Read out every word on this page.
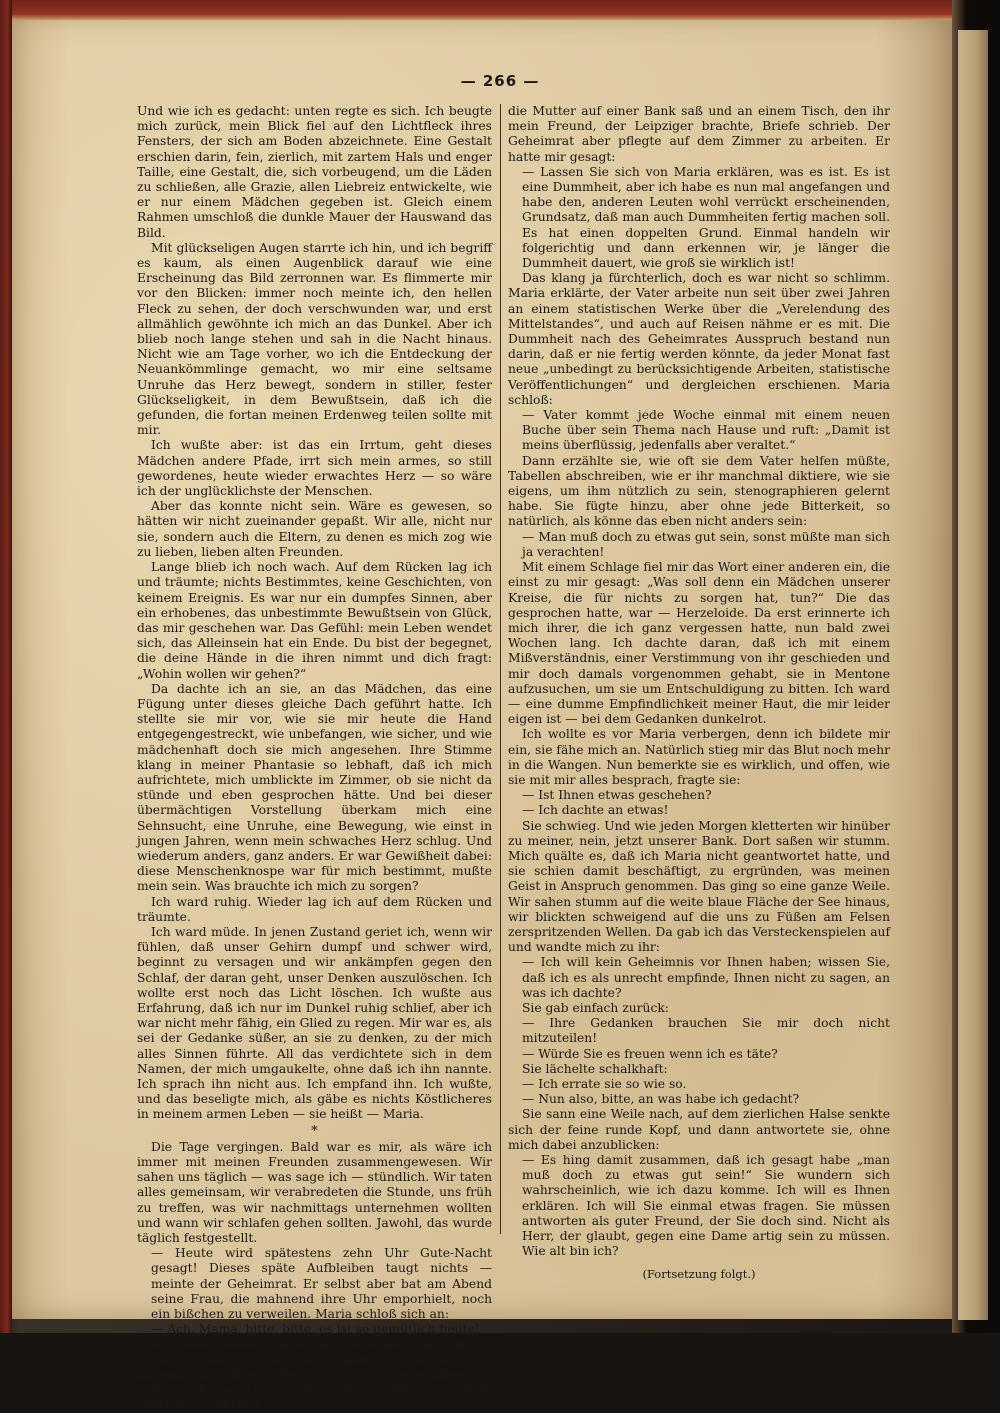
— 266 —

Und wie ich es gedacht: unten regte es sich. Ich beugte mich zurück, mein Blick fiel auf den Lichtfleck ihres Fensters, der sich am Boden abzeichnete. Eine Gestalt erschien darin, fein, zierlich, mit zartem Hals und enger Taille, eine Gestalt, die, sich vorbeugend, um die Läden zu schließen, alle Grazie, allen Liebreiz entwickelte, wie er nur einem Mädchen gegeben ist. Gleich einem Rahmen umschloß die dunkle Mauer der Hauswand das Bild.

Mit glückseligen Augen starrte ich hin, und ich begriff es kaum, als einen Augenblick darauf wie eine Erscheinung das Bild zerronnen war. Es flimmerte mir vor den Blicken: immer noch meinte ich, den hellen Fleck zu sehen, der doch verschwunden war, und erst allmählich gewöhnte ich mich an das Dunkel. Aber ich blieb noch lange stehen und sah in die Nacht hinaus. Nicht wie am Tage vorher, wo ich die Entdeckung der Neuankömmlinge gemacht, wo mir eine seltsame Unruhe das Herz bewegt, sondern in stiller, fester Glückseligkeit, in dem Bewußtsein, daß ich die gefunden, die fortan meinen Erdenweg teilen sollte mit mir.

Ich wußte aber: ist das ein Irrtum, geht dieses Mädchen andere Pfade, irrt sich mein armes, so still gewordenes, heute wieder erwachtes Herz — so wäre ich der unglücklichste der Menschen.

Aber das konnte nicht sein. Wäre es gewesen, so hätten wir nicht zueinander gepaßt. Wir alle, nicht nur sie, sondern auch die Eltern, zu denen es mich zog wie zu lieben, lieben alten Freunden.

Lange blieb ich noch wach. Auf dem Rücken lag ich und träumte; nichts Bestimmtes, keine Geschichten, von keinem Ereignis. Es war nur ein dumpfes Sinnen, aber ein erhobenes, das unbestimmte Bewußtsein von Glück, das mir geschehen war. Das Gefühl: mein Leben wendet sich, das Alleinsein hat ein Ende. Du bist der begegnet, die deine Hände in die ihren nimmt und dich fragt: „Wohin wollen wir gehen?“

Da dachte ich an sie, an das Mädchen, das eine Fügung unter dieses gleiche Dach geführt hatte. Ich stellte sie mir vor, wie sie mir heute die Hand entgegengestreckt, wie unbefangen, wie sicher, und wie mädchenhaft doch sie mich angesehen. Ihre Stimme klang in meiner Phantasie so lebhaft, daß ich mich aufrichtete, mich umblickte im Zimmer, ob sie nicht da stünde und eben gesprochen hätte. Und bei dieser übermächtigen Vorstellung überkam mich eine Sehnsucht, eine Unruhe, eine Bewegung, wie einst in jungen Jahren, wenn mein schwaches Herz schlug. Und wiederum anders, ganz anders. Er war Gewißheit dabei: diese Menschenknospe war für mich bestimmt, mußte mein sein. Was brauchte ich mich zu sorgen?

Ich ward ruhig. Wieder lag ich auf dem Rücken und träumte.

Ich ward müde. In jenen Zustand geriet ich, wenn wir fühlen, daß unser Gehirn dumpf und schwer wird, beginnt zu versagen und wir ankämpfen gegen den Schlaf, der daran geht, unser Denken auszulöschen. Ich wollte erst noch das Licht löschen. Ich wußte aus Erfahrung, daß ich nur im Dunkel ruhig schlief, aber ich war nicht mehr fähig, ein Glied zu regen. Mir war es, als sei der Gedanke süßer, an sie zu denken, zu der mich alles Sinnen führte. All das verdichtete sich in dem Namen, der mich umgaukelte, ohne daß ich ihn nannte. Ich sprach ihn nicht aus. Ich empfand ihn. Ich wußte, und das beseligte mich, als gäbe es nichts Köstlicheres in meinem armen Leben — sie heißt — Maria.

*

Die Tage vergingen. Bald war es mir, als wäre ich immer mit meinen Freunden zusammengewesen. Wir sahen uns täglich — was sage ich — stündlich. Wir taten alles gemeinsam, wir verabredeten die Stunde, uns früh zu treffen, was wir nachmittags unternehmen wollten und wann wir schlafen gehen sollten. Jawohl, das wurde täglich festgestellt.

— Heute wird spätestens zehn Uhr Gute-Nacht gesagt! Dieses späte Aufbleiben taugt nichts — meinte der Geheimrat. Er selbst aber bat am Abend seine Frau, die mahnend ihre Uhr emporhielt, noch ein bißchen zu verweilen. Maria schloß sich an:

— Ach, Mama, bitte, bitte, es ist so gemütlich heute!

An diesem Abend war es fast Mitternacht als wir uns trennten. Als ich Abschied nahm, konnte ich den Augenblick nicht erwarten, bis wir uns wiedersähen am andern Morgen. Dann ging ich mit Maria im Park spazieren, während

die Mutter auf einer Bank saß und an einem Tisch, den ihr mein Freund, der Leipziger brachte, Briefe schrieb. Der Geheimrat aber pflegte auf dem Zimmer zu arbeiten. Er hatte mir gesagt:

— Lassen Sie sich von Maria erklären, was es ist. Es ist eine Dummheit, aber ich habe es nun mal angefangen und habe den, anderen Leuten wohl verrückt erscheinenden, Grundsatz, daß man auch Dummheiten fertig machen soll. Es hat einen doppelten Grund. Einmal handeln wir folgerichtig und dann erkennen wir, je länger die Dummheit dauert, wie groß sie wirklich ist!

Das klang ja fürchterlich, doch es war nicht so schlimm. Maria erklärte, der Vater arbeite nun seit über zwei Jahren an einem statistischen Werke über die „Verelendung des Mittelstandes“, und auch auf Reisen nähme er es mit. Die Dummheit nach des Geheimrates Ausspruch bestand nun darin, daß er nie fertig werden könnte, da jeder Monat fast neue „unbedingt zu berücksichtigende Arbeiten, statistische Veröffentlichungen“ und dergleichen erschienen. Maria schloß:

— Vater kommt jede Woche einmal mit einem neuen Buche über sein Thema nach Hause und ruft: „Damit ist meins überflüssig, jedenfalls aber veraltet.“

Dann erzählte sie, wie oft sie dem Vater helfen müßte, Tabellen abschreiben, wie er ihr manchmal diktiere, wie sie eigens, um ihm nützlich zu sein, stenographieren gelernt habe. Sie fügte hinzu, aber ohne jede Bitterkeit, so natürlich, als könne das eben nicht anders sein:

— Man muß doch zu etwas gut sein, sonst müßte man sich ja verachten!

Mit einem Schlage fiel mir das Wort einer anderen ein, die einst zu mir gesagt: „Was soll denn ein Mädchen unserer Kreise, die für nichts zu sorgen hat, tun?“ Die das gesprochen hatte, war — Herzeloide. Da erst erinnerte ich mich ihrer, die ich ganz vergessen hatte, nun bald zwei Wochen lang. Ich dachte daran, daß ich mit einem Mißverständnis, einer Verstimmung von ihr geschieden und mir doch damals vorgenommen gehabt, sie in Mentone aufzusuchen, um sie um Entschuldigung zu bitten. Ich ward — eine dumme Empfindlichkeit meiner Haut, die mir leider eigen ist — bei dem Gedanken dunkelrot.

Ich wollte es vor Maria verbergen, denn ich bildete mir ein, sie fähe mich an. Natürlich stieg mir das Blut noch mehr in die Wangen. Nun bemerkte sie es wirklich, und offen, wie sie mit mir alles besprach, fragte sie:

— Ist Ihnen etwas geschehen?

— Ich dachte an etwas!

Sie schwieg. Und wie jeden Morgen kletterten wir hinüber zu meiner, nein, jetzt unserer Bank. Dort saßen wir stumm. Mich quälte es, daß ich Maria nicht geantwortet hatte, und sie schien damit beschäftigt, zu ergründen, was meinen Geist in Anspruch genommen. Das ging so eine ganze Weile. Wir sahen stumm auf die weite blaue Fläche der See hinaus, wir blickten schweigend auf die uns zu Füßen am Felsen zerspritzenden Wellen. Da gab ich das Versteckenspielen auf und wandte mich zu ihr:

— Ich will kein Geheimnis vor Ihnen haben; wissen Sie, daß ich es als unrecht empfinde, Ihnen nicht zu sagen, an was ich dachte?

Sie gab einfach zurück:

— Ihre Gedanken brauchen Sie mir doch nicht mitzuteilen!

— Würde Sie es freuen wenn ich es täte?

Sie lächelte schalkhaft:

— Ich errate sie so wie so.

— Nun also, bitte, an was habe ich gedacht?

Sie sann eine Weile nach, auf dem zierlichen Halse senkte sich der feine runde Kopf, und dann antwortete sie, ohne mich dabei anzublicken:

— Es hing damit zusammen, daß ich gesagt habe „man muß doch zu etwas gut sein!“ Sie wundern sich wahrscheinlich, wie ich dazu komme. Ich will es Ihnen erklären. Ich will Sie einmal etwas fragen. Sie müssen antworten als guter Freund, der Sie doch sind. Nicht als Herr, der glaubt, gegen eine Dame artig sein zu müssen. Wie alt bin ich?

(Fortsetzung folgt.)
